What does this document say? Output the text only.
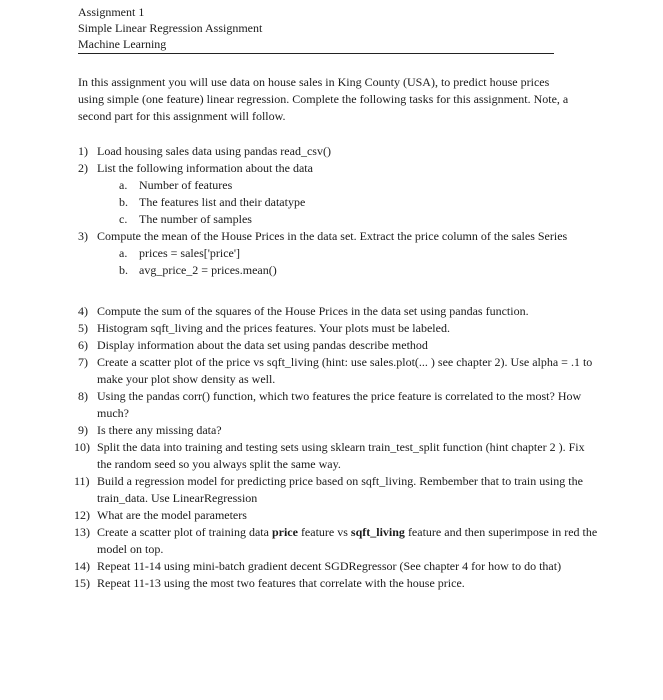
Assignment 1
Simple Linear Regression Assignment
Machine Learning

In this assignment you will use data on house sales in King County (USA), to predict house prices using simple (one feature) linear regression. Complete the following tasks for this assignment. Note, a second part for this assignment will follow.

1) Load housing sales data using pandas read_csv()
2) List the following information about the data
a. Number of features
b. The features list and their datatype
c. The number of samples
3) Compute the mean of the House Prices in the data set. Extract the price column of the sales Series
a. prices = sales['price']
b. avg_price_2 = prices.mean()
4) Compute the sum of the squares of the House Prices in the data set using pandas function.
5) Histogram sqft_living and the prices features. Your plots must be labeled.
6) Display information about the data set using pandas describe method
7) Create a scatter plot of the price vs sqft_living (hint: use sales.plot(... ) see chapter 2). Use alpha = .1 to make your plot show density as well.
8) Using the pandas corr() function, which two features the price feature is correlated to the most? How much?
9) Is there any missing data?
10) Split the data into training and testing sets using sklearn train_test_split function (hint chapter 2 ). Fix the random seed so you always split the same way.
11) Build a regression model for predicting price based on sqft_living. Rembember that to train using the train_data. Use LinearRegression
12) What are the model parameters
13) Create a scatter plot of training data price feature vs sqft_living feature and then superimpose in red the model on top.
14) Repeat 11-14 using mini-batch gradient decent SGDRegressor (See chapter 4 for how to do that)
15) Repeat 11-13 using the most two features that correlate with the house price.
